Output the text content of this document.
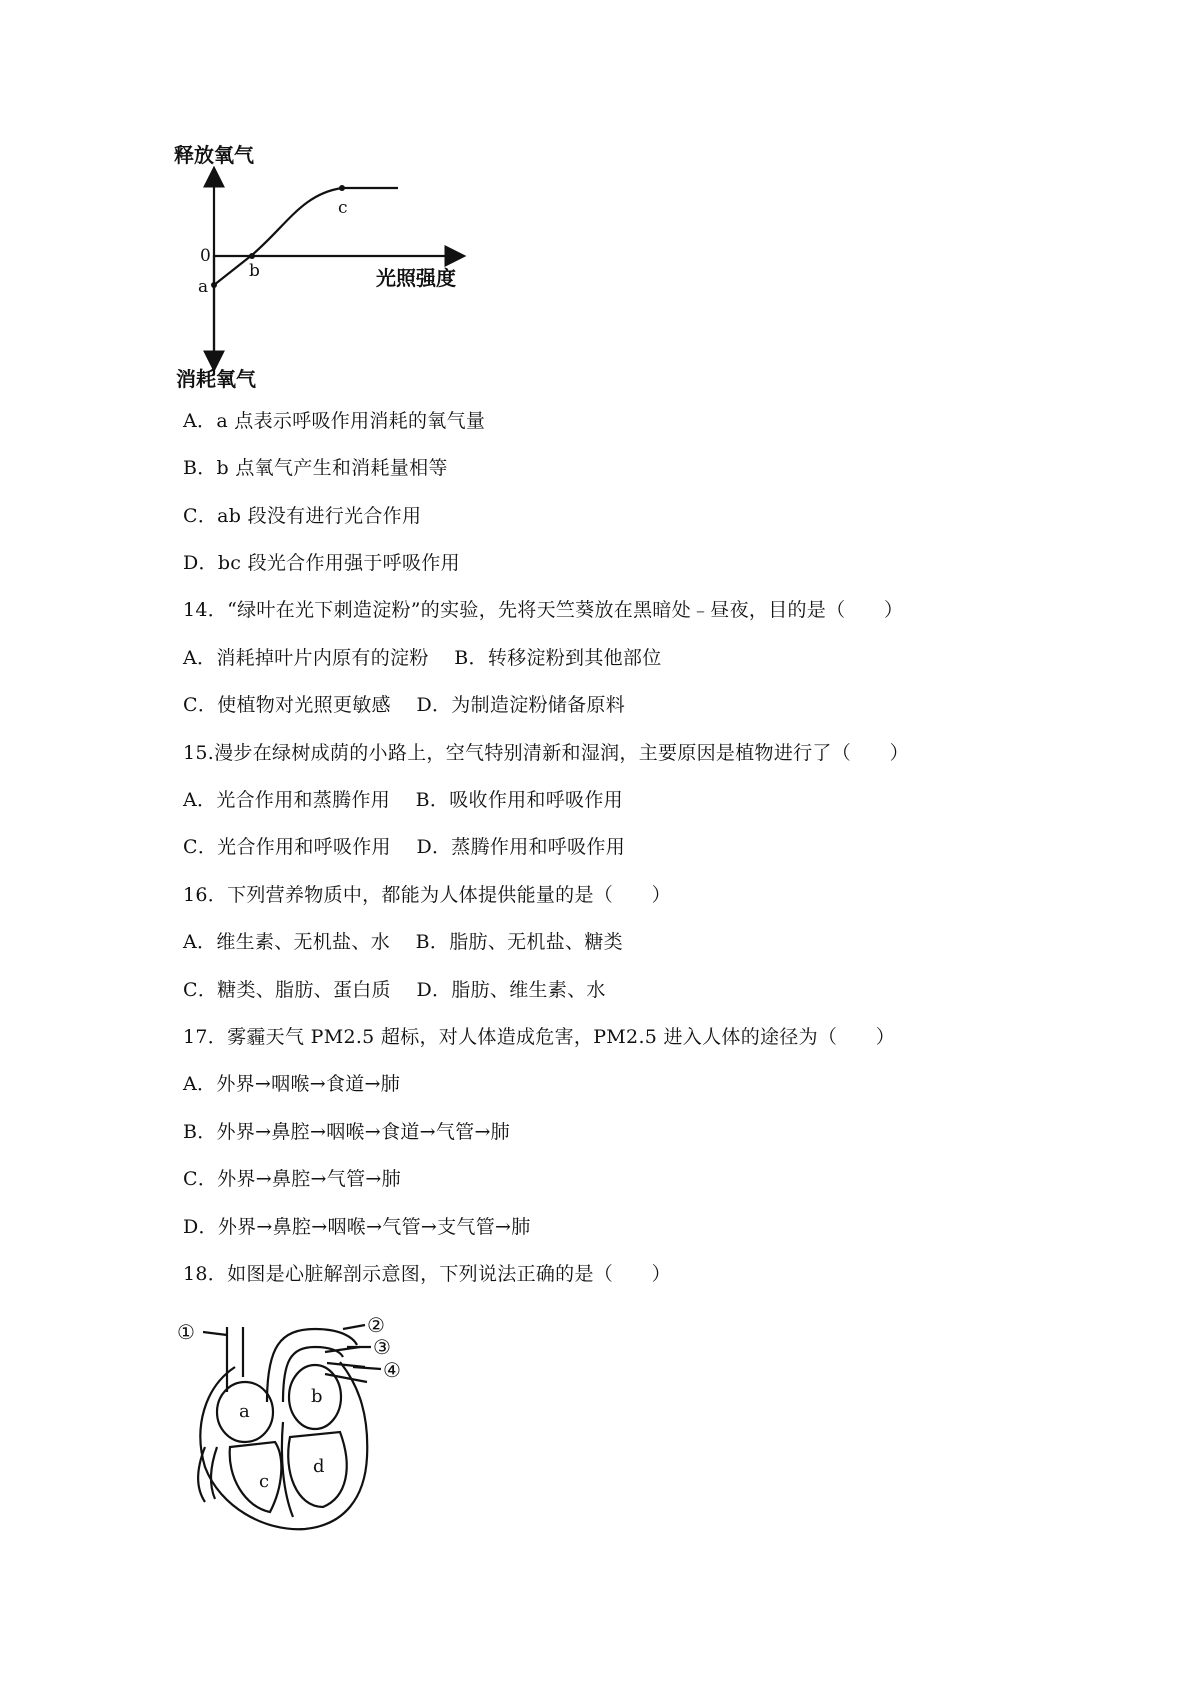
释放氧气
0
a
b
c
光照强度
消耗氧气
A．a 点表示呼吸作用消耗的氧气量
B．b 点氧气产生和消耗量相等
C．ab 段没有进行光合作用
D．bc 段光合作用强于呼吸作用
14．“绿叶在光下刺造淀粉”的实验，先将天竺葵放在黑暗处﹣昼夜，目的是（　　）
A．消耗掉叶片内原有的淀粉　 B．转移淀粉到其他部位
C．使植物对光照更敏感　 D．为制造淀粉储备原料
15.漫步在绿树成荫的小路上，空气特别清新和湿润，主要原因是植物进行了（　　）
A．光合作用和蒸腾作用　 B．吸收作用和呼吸作用
C．光合作用和呼吸作用　 D．蒸腾作用和呼吸作用
16．下列营养物质中，都能为人体提供能量的是（　　）
A．维生素、无机盐、水　 B．脂肪、无机盐、糖类
C．糖类、脂肪、蛋白质　 D．脂肪、维生素、水
17．雾霾天气 PM2.5 超标，对人体造成危害，PM2.5 进入人体的途径为（　　）
A．外界→咽喉→食道→肺
B．外界→鼻腔→咽喉→食道→气管→肺
C．外界→鼻腔→气管→肺
D．外界→鼻腔→咽喉→气管→支气管→肺
18．如图是心脏解剖示意图，下列说法正确的是（　　）
①	②
③
④
a
b
c
d
